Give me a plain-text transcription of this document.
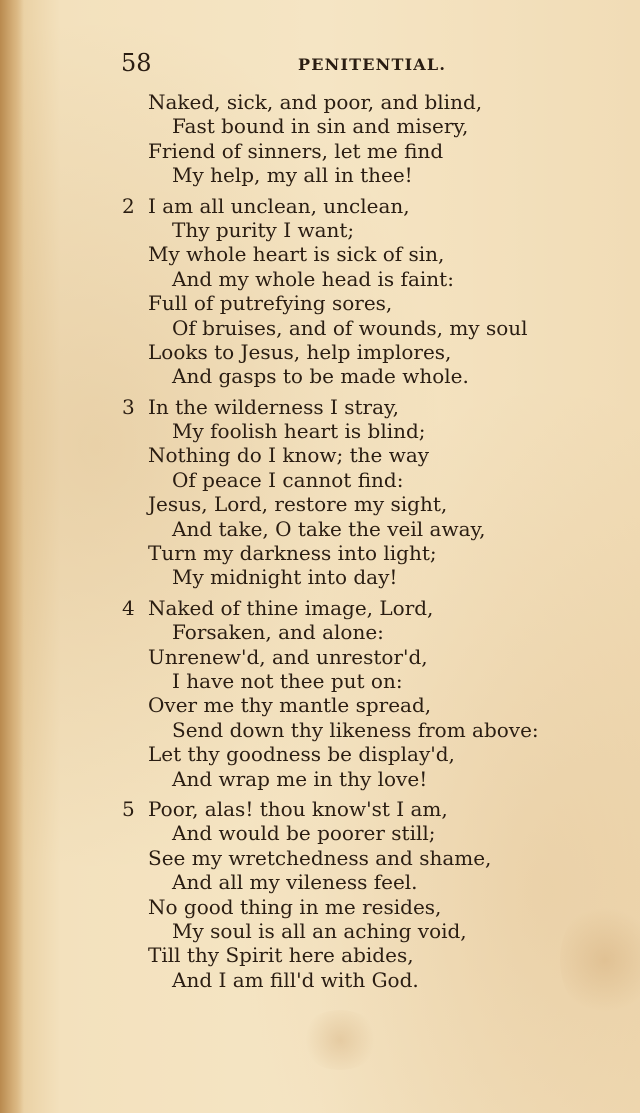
58	PENITENTIAL.
Naked, sick, and poor, and blind,
Fast bound in sin and misery,
Friend of sinners, let me find
My help, my all in thee!
2 I am all unclean, unclean,
Thy purity I want;
My whole heart is sick of sin,
And my whole head is faint:
Full of putrefying sores,
Of bruises, and of wounds, my soul
Looks to Jesus, help implores,
And gasps to be made whole.
3 In the wilderness I stray,
My foolish heart is blind;
Nothing do I know; the way
Of peace I cannot find:
Jesus, Lord, restore my sight,
And take, O take the veil away,
Turn my darkness into light;
My midnight into day!
4 Naked of thine image, Lord,
Forsaken, and alone:
Unrenew'd, and unrestor'd,
I have not thee put on:
Over me thy mantle spread,
Send down thy likeness from above:
Let thy goodness be display'd,
And wrap me in thy love!
5 Poor, alas! thou know'st I am,
And would be poorer still;
See my wretchedness and shame,
And all my vileness feel.
No good thing in me resides,
My soul is all an aching void,
Till thy Spirit here abides,
And I am fill'd with God.
